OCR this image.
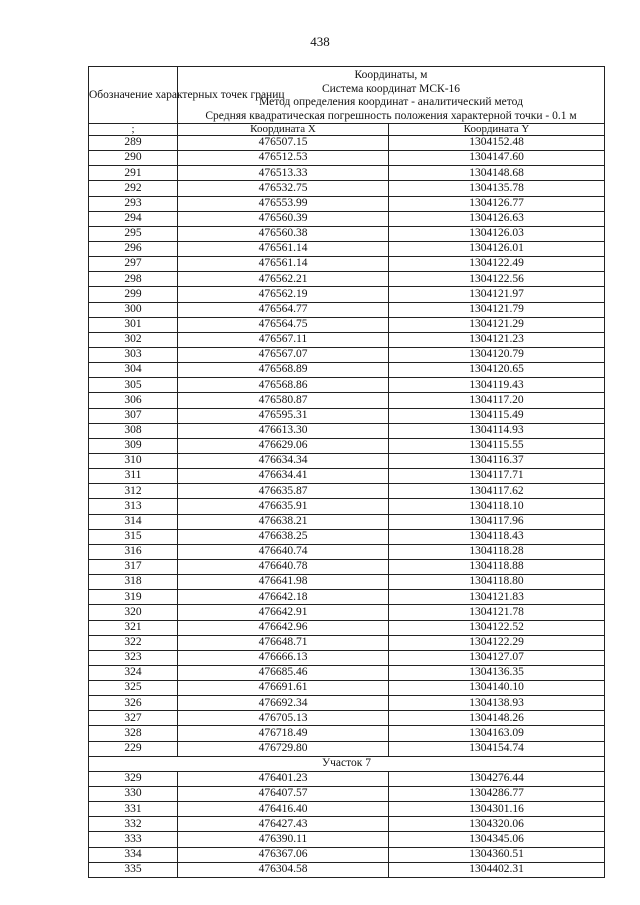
438
Обозначение характерных точек границ	Координаты, м
Система координат МСК-16
Метод определения координат - аналитический метод
Средняя квадратическая погрешность положения характерной точки - 0.1 м	

;	Координата X	Координата Y
289	476507.15	1304152.48
290	476512.53	1304147.60
291	476513.33	1304148.68
292	476532.75	1304135.78
293	476553.99	1304126.77
294	476560.39	1304126.63
295	476560.38	1304126.03
296	476561.14	1304126.01
297	476561.14	1304122.49
298	476562.21	1304122.56
299	476562.19	1304121.97
300	476564.77	1304121.79
301	476564.75	1304121.29
302	476567.11	1304121.23
303	476567.07	1304120.79
304	476568.89	1304120.65
305	476568.86	1304119.43
306	476580.87	1304117.20
307	476595.31	1304115.49
308	476613.30	1304114.93
309	476629.06	1304115.55
310	476634.34	1304116.37
311	476634.41	1304117.71
312	476635.87	1304117.62
313	476635.91	1304118.10
314	476638.21	1304117.96
315	476638.25	1304118.43
316	476640.74	1304118.28
317	476640.78	1304118.88
318	476641.98	1304118.80
319	476642.18	1304121.83
320	476642.91	1304121.78
321	476642.96	1304122.52
322	476648.71	1304122.29
323	476666.13	1304127.07
324	476685.46	1304136.35
325	476691.61	1304140.10
326	476692.34	1304138.93
327	476705.13	1304148.26
328	476718.49	1304163.09
229	476729.80	1304154.74
Участок 7		
329	476401.23	1304276.44
330	476407.57	1304286.77
331	476416.40	1304301.16
332	476427.43	1304320.06
333	476390.11	1304345.06
334	476367.06	1304360.51
335	476304.58	1304402.31
